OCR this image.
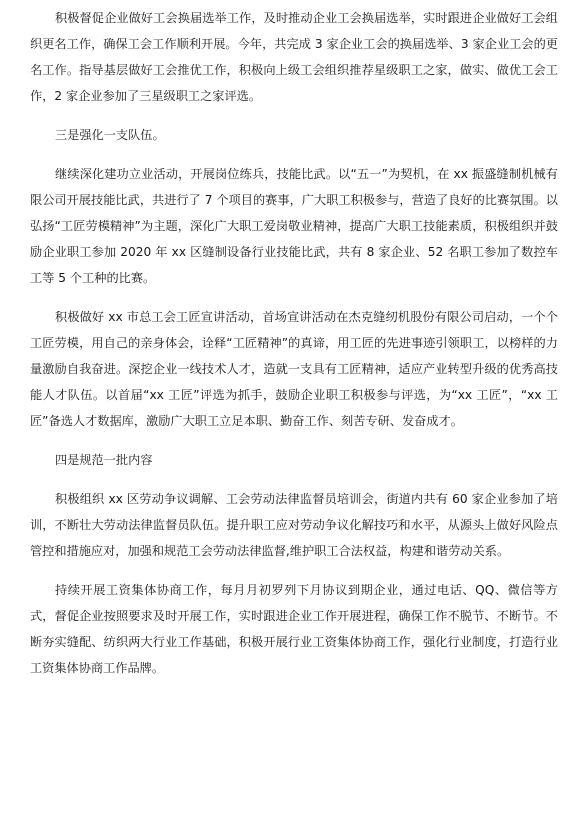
积极督促企业做好工会换届选举工作，及时推动企业工会换届选举，实时跟进企业做好工会组织更名工作，确保工会工作顺利开展。今年，共完成 3 家企业工会的换届选举、3 家企业工会的更名工作。指导基层做好工会推优工作，积极向上级工会组织推荐星级职工之家，做实、做优工会工作，2 家企业参加了三星级职工之家评选。

三是强化一支队伍。

继续深化建功立业活动，开展岗位练兵，技能比武。以“五一”为契机，在 xx 振盛缝制机械有限公司开展技能比武，共进行了 7 个项目的赛事，广大职工积极参与，营造了良好的比赛氛围。以弘扬“工匠劳模精神”为主题，深化广大职工爱岗敬业精神，提高广大职工技能素质，积极组织并鼓励企业职工参加 2020 年 xx 区缝制设备行业技能比武，共有 8 家企业、52 名职工参加了数控车工等 5 个工种的比赛。

积极做好 xx 市总工会工匠宣讲活动，首场宣讲活动在杰克缝纫机股份有限公司启动，一个个工匠劳模，用自己的亲身体会，诠释“工匠精神”的真谛，用工匠的先进事迹引领职工，以榜样的力量激励自我奋进。深挖企业一线技术人才，造就一支具有工匠精神，适应产业转型升级的优秀高技能人才队伍。以首届“xx 工匠”评选为抓手，鼓励企业职工积极参与评选，为“xx 工匠”，“xx 工匠”备选人才数据库，激励广大职工立足本职、勤奋工作、刻苦专研、发奋成才。

四是规范一批内容

积极组织 xx 区劳动争议调解、工会劳动法律监督员培训会，街道内共有 60 家企业参加了培训，不断壮大劳动法律监督员队伍。提升职工应对劳动争议化解技巧和水平，从源头上做好风险点管控和措施应对，加强和规范工会劳动法律监督,维护职工合法权益，构建和谐劳动关系。

持续开展工资集体协商工作，每月月初罗列下月协议到期企业，通过电话、QQ、微信等方式，督促企业按照要求及时开展工作，实时跟进企业工作开展进程，确保工作不脱节、不断节。不断夯实缝配、纺织两大行业工作基础，积极开展行业工资集体协商工作，强化行业制度，打造行业工资集体协商工作品牌。
